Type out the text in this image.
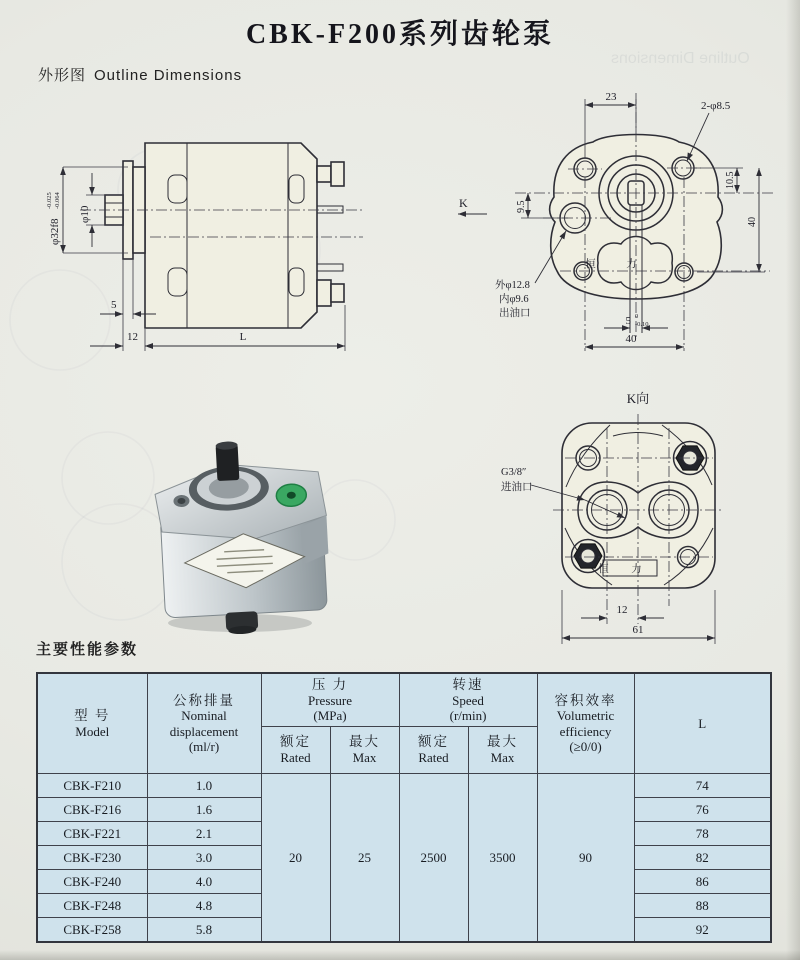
Outline Dimensions
CBK-F200系列齿轮泵
外形图 Outline Dimensions
φ32f8
-0.025 -0.064
φ10
5
12	L
恒 力
23
2-φ8.5
K	9.5
10.5
40
外φ12.8
内φ9.6
出油口
5 0
-0.10
40
K向
恒 力
G3/8″
进油口
12
61
主要性能参数
型 号
Model

公称排量
Nominal
displacement
(ml/r)

压 力
Pressure
(MPa)

转速
Speed
(r/min)

容积效率
Volumetric
efficiency
(≥0/0)

L

额定
Rated

最大
Max

额定
Rated

最大
Max

CBK-F210	1.0	20	25	2500	3500	90	74
CBK-F216	1.6						76
CBK-F221	2.1						78
CBK-F230	3.0						82
CBK-F240	4.0						86
CBK-F248	4.8						88
CBK-F258	5.8						92
